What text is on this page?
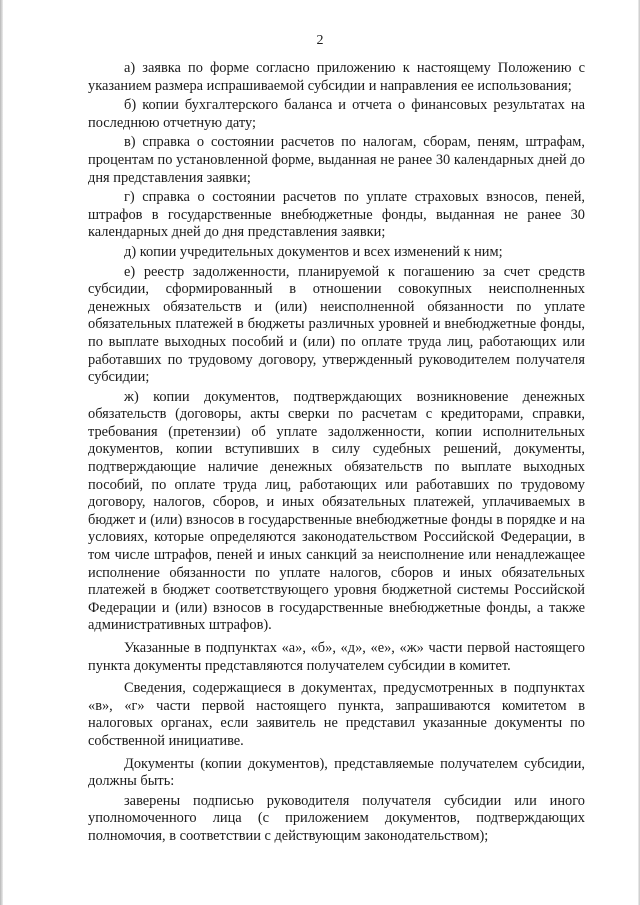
2

а) заявка по форме согласно приложению к настоящему Положению с указанием размера испрашиваемой субсидии и направления ее использования;

б) копии бухгалтерского баланса и отчета о финансовых результатах на последнюю отчетную дату;

в) справка о состоянии расчетов по налогам, сборам, пеням, штрафам, процентам по установленной форме, выданная не ранее 30 календарных дней до дня представления заявки;

г) справка о состоянии расчетов по уплате страховых взносов, пеней, штрафов в государственные внебюджетные фонды, выданная не ранее 30 календарных дней до дня представления заявки;

д) копии учредительных документов и всех изменений к ним;

е) реестр задолженности, планируемой к погашению за счет средств субсидии, сформированный в отношении совокупных неисполненных денежных обязательств и (или) неисполненной обязанности по уплате обязательных платежей в бюджеты различных уровней и внебюджетные фонды, по выплате выходных пособий и (или) по оплате труда лиц, работающих или работавших по трудовому договору, утвержденный руководителем получателя субсидии;

ж) копии документов, подтверждающих возникновение денежных обязательств (договоры, акты сверки по расчетам с кредиторами, справки, требования (претензии) об уплате задолженности, копии исполнительных документов, копии вступивших в силу судебных решений, документы, подтверждающие наличие денежных обязательств по выплате выходных пособий, по оплате труда лиц, работающих или работавших по трудовому договору, налогов, сборов, и иных обязательных платежей, уплачиваемых в бюджет и (или) взносов в государственные внебюджетные фонды в порядке и на условиях, которые определяются законодательством Российской Федерации, в том числе штрафов, пеней и иных санкций за неисполнение или ненадлежащее исполнение обязанности по уплате налогов, сборов и иных обязательных платежей в бюджет соответствующего уровня бюджетной системы Российской Федерации и (или) взносов в государственные внебюджетные фонды, а также административных штрафов).

Указанные в подпунктах «а», «б», «д», «е», «ж» части первой настоящего пункта документы представляются получателем субсидии в комитет.

Сведения, содержащиеся в документах, предусмотренных в подпунктах «в», «г» части первой настоящего пункта, запрашиваются комитетом в налоговых органах, если заявитель не представил указанные документы по собственной инициативе.

Документы (копии документов), представляемые получателем субсидии, должны быть:

заверены подписью руководителя получателя субсидии или иного уполномоченного лица (с приложением документов, подтверждающих полномочия, в соответствии с действующим законодательством);
